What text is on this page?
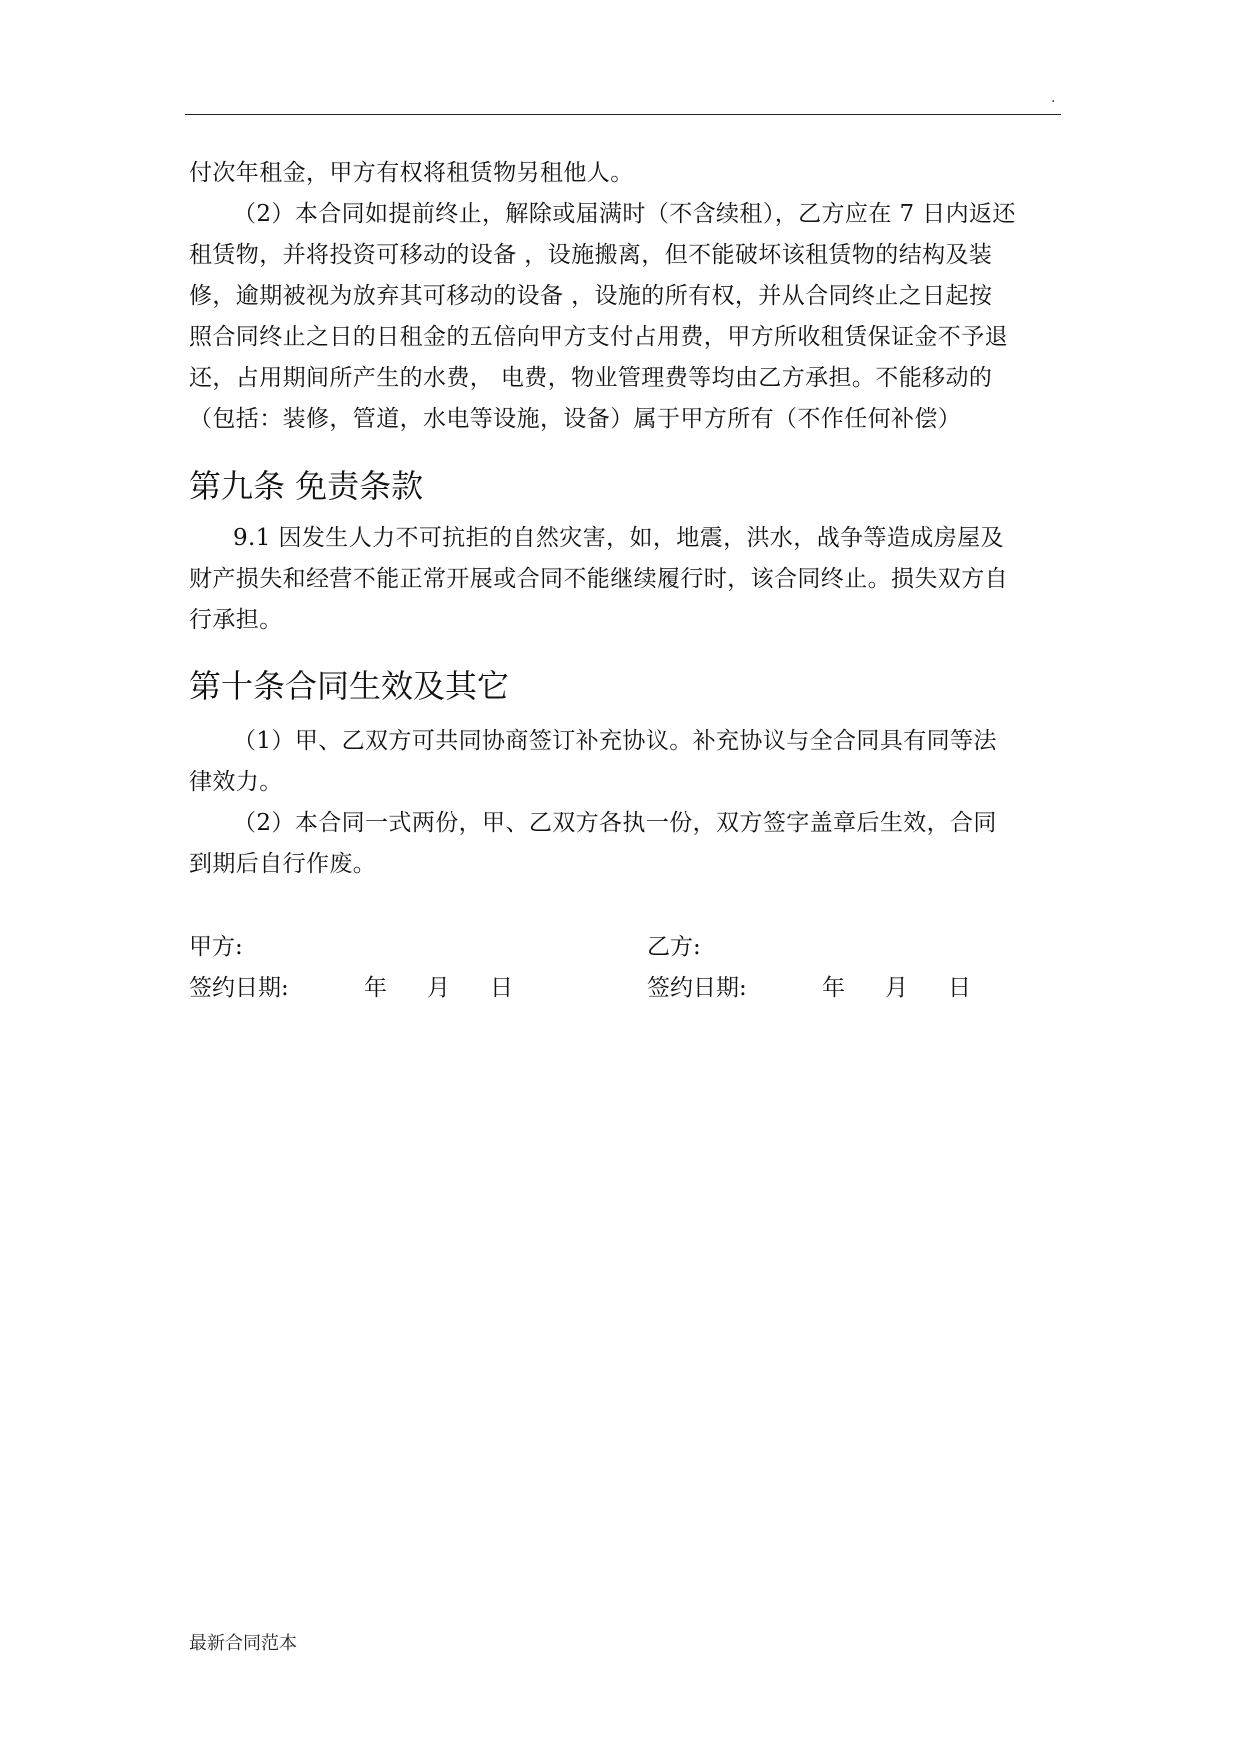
.
付次年租金，甲方有权将租赁物另租他人。
（2）本合同如提前终止，解除或届满时（不含续租），乙方应在 7 日内返还
租赁物，并将投资可移动的设备 ，设施搬离，但不能破坏该租赁物的结构及装
修，逾期被视为放弃其可移动的设备 ，设施的所有权，并从合同终止之日起按
照合同终止之日的日租金的五倍向甲方支付占用费，甲方所收租赁保证金不予退
还，占用期间所产生的水费， 电费，物业管理费等均由乙方承担。不能移动的
（包括：装修，管道，水电等设施，设备）属于甲方所有（不作任何补偿）
第九条 免责条款
9.1 因发生人力不可抗拒的自然灾害，如，地震，洪水，战争等造成房屋及
财产损失和经营不能正常开展或合同不能继续履行时，该合同终止。损失双方自
行承担。
第十条合同生效及其它
（1）甲、乙双方可共同协商签订补充协议。补充协议与全合同具有同等法
律效力。
（2）本合同一式两份，甲、乙双方各执一份，双方签字盖章后生效，合同
到期后自行作废。
甲方:	乙方:
签约日期:	年 月 日	签约日期:	年 月 日
最新合同范本
